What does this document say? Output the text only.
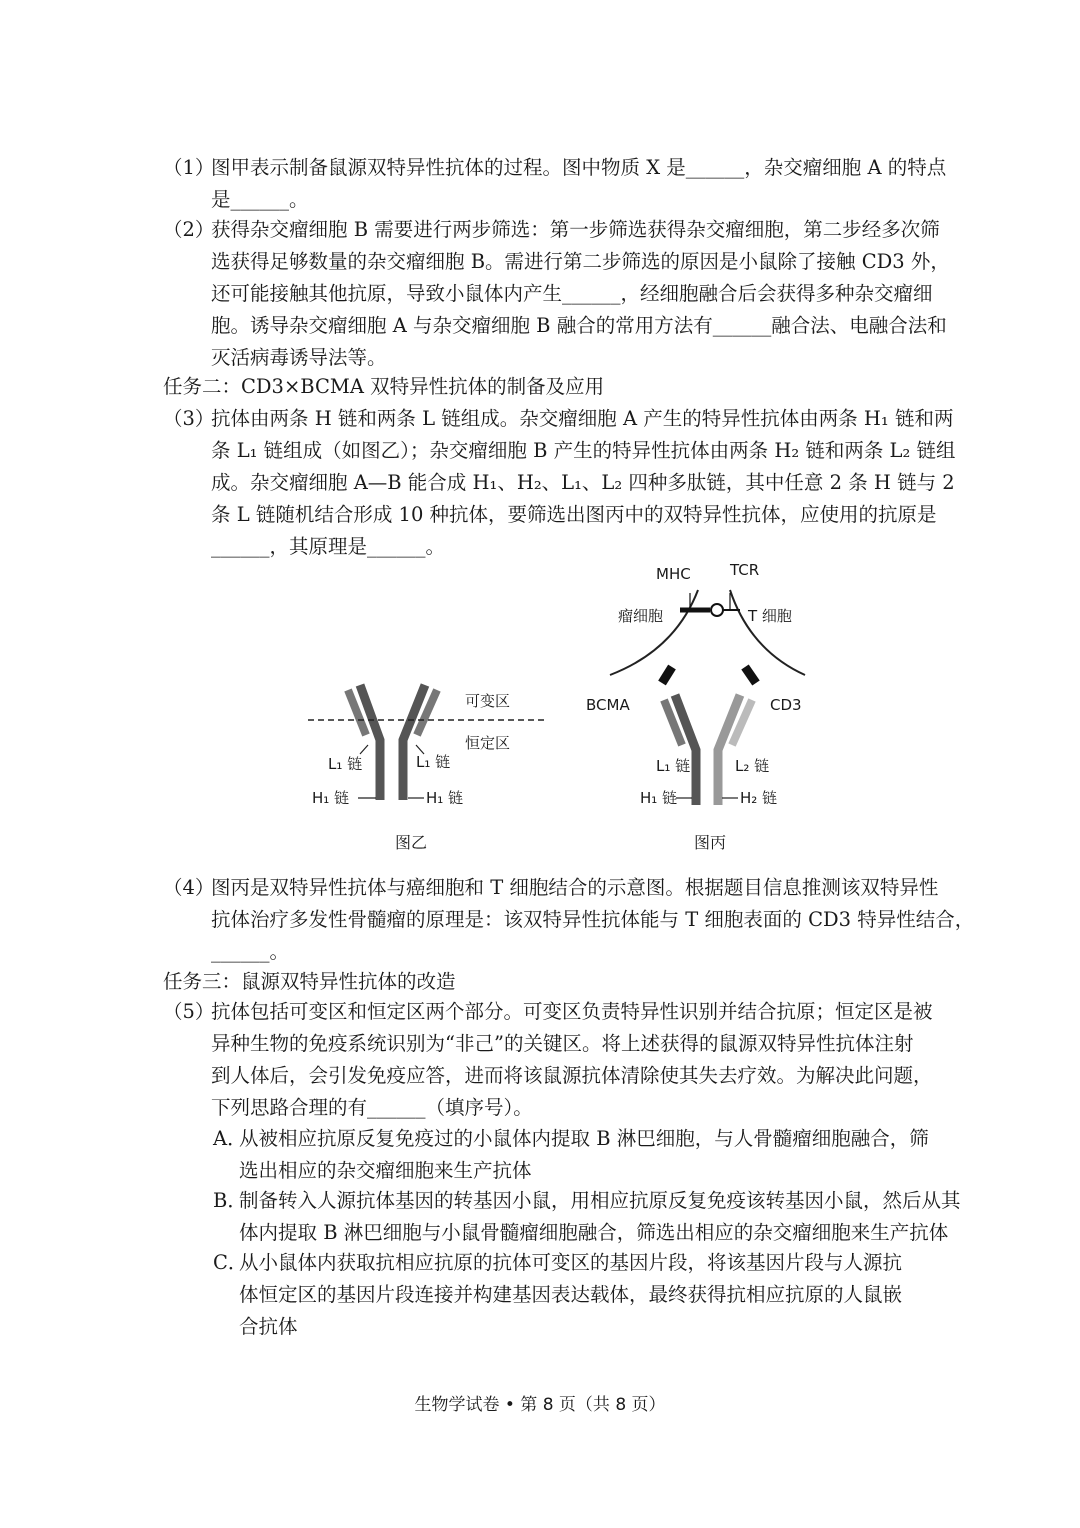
（1）
图甲表示制备鼠源双特异性抗体的过程。图中物质 X 是______，杂交瘤细胞 A 的特点
是______。
（2）
获得杂交瘤细胞 B 需要进行两步筛选：第一步筛选获得杂交瘤细胞，第二步经多次筛
选获得足够数量的杂交瘤细胞 B。需进行第二步筛选的原因是小鼠除了接触 CD3 外，
还可能接触其他抗原，导致小鼠体内产生______，经细胞融合后会获得多种杂交瘤细
胞。诱导杂交瘤细胞 A 与杂交瘤细胞 B 融合的常用方法有______融合法、电融合法和
灭活病毒诱导法等。
任务二：CD3×BCMA 双特异性抗体的制备及应用
（3）
抗体由两条 H 链和两条 L 链组成。杂交瘤细胞 A 产生的特异性抗体由两条 H₁ 链和两
条 L₁ 链组成（如图乙）；杂交瘤细胞 B 产生的特异性抗体由两条 H₂ 链和两条 L₂ 链组
成。杂交瘤细胞 A—B 能合成 H₁、H₂、L₁、L₂ 四种多肽链，其中任意 2 条 H 链与 2
条 L 链随机结合形成 10 种抗体，要筛选出图丙中的双特异性抗体，应使用的抗原是
______，其原理是______。
可变区
恒定区
L₁ 链	L₁ 链
H₁ 链	H₁ 链
图乙
MHC	TCR
瘤细胞	T 细胞
BCMA	CD3
L₁ 链	L₂ 链
H₁ 链	H₂ 链
图丙
（4）
图丙是双特异性抗体与癌细胞和 T 细胞结合的示意图。根据题目信息推测该双特异性
抗体治疗多发性骨髓瘤的原理是：该双特异性抗体能与 T 细胞表面的 CD3 特异性结合，
______。
任务三：鼠源双特异性抗体的改造
（5）
抗体包括可变区和恒定区两个部分。可变区负责特异性识别并结合抗原；恒定区是被
异种生物的免疫系统识别为“非己”的关键区。将上述获得的鼠源双特异性抗体注射
到人体后，会引发免疫应答，进而将该鼠源抗体清除使其失去疗效。为解决此问题，
下列思路合理的有______（填序号）。
A．
从被相应抗原反复免疫过的小鼠体内提取 B 淋巴细胞，与人骨髓瘤细胞融合，筛
选出相应的杂交瘤细胞来生产抗体
B．
制备转入人源抗体基因的转基因小鼠，用相应抗原反复免疫该转基因小鼠，然后从其
体内提取 B 淋巴细胞与小鼠骨髓瘤细胞融合，筛选出相应的杂交瘤细胞来生产抗体
C．
从小鼠体内获取抗相应抗原的抗体可变区的基因片段，将该基因片段与人源抗
体恒定区的基因片段连接并构建基因表达载体，最终获得抗相应抗原的人鼠嵌
合抗体
生物学试卷 • 第 8 页（共 8 页）
